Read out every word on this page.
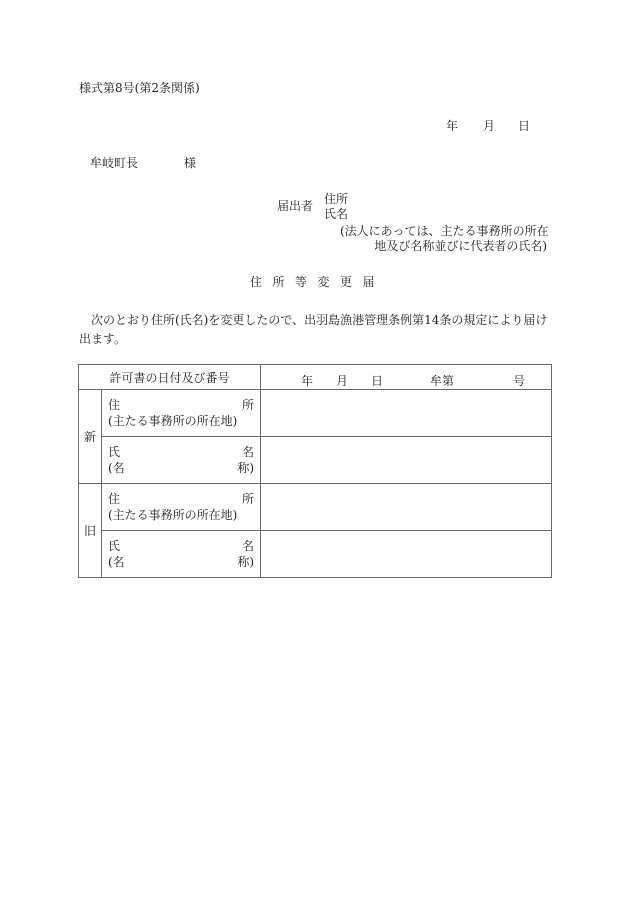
様式第8号(第2条関係)
年 月 日
牟岐町長	様
届出者 住所
氏名
(法人にあっては、主たる事務所の所在
地及び名称並びに代表者の氏名)
住 所 等 変 更 届
次のとおり住所(氏名)を変更したので、出羽島漁港管理条例第14条の規定により届け出ます。
許可書の日付及び番号		年 月 日 牟第 号

新	住 所
(主たる事務所の所在地)	

	氏 名
(名 称)	

旧	住 所
(主たる事務所の所在地)	

	氏 名
(名 称)	
